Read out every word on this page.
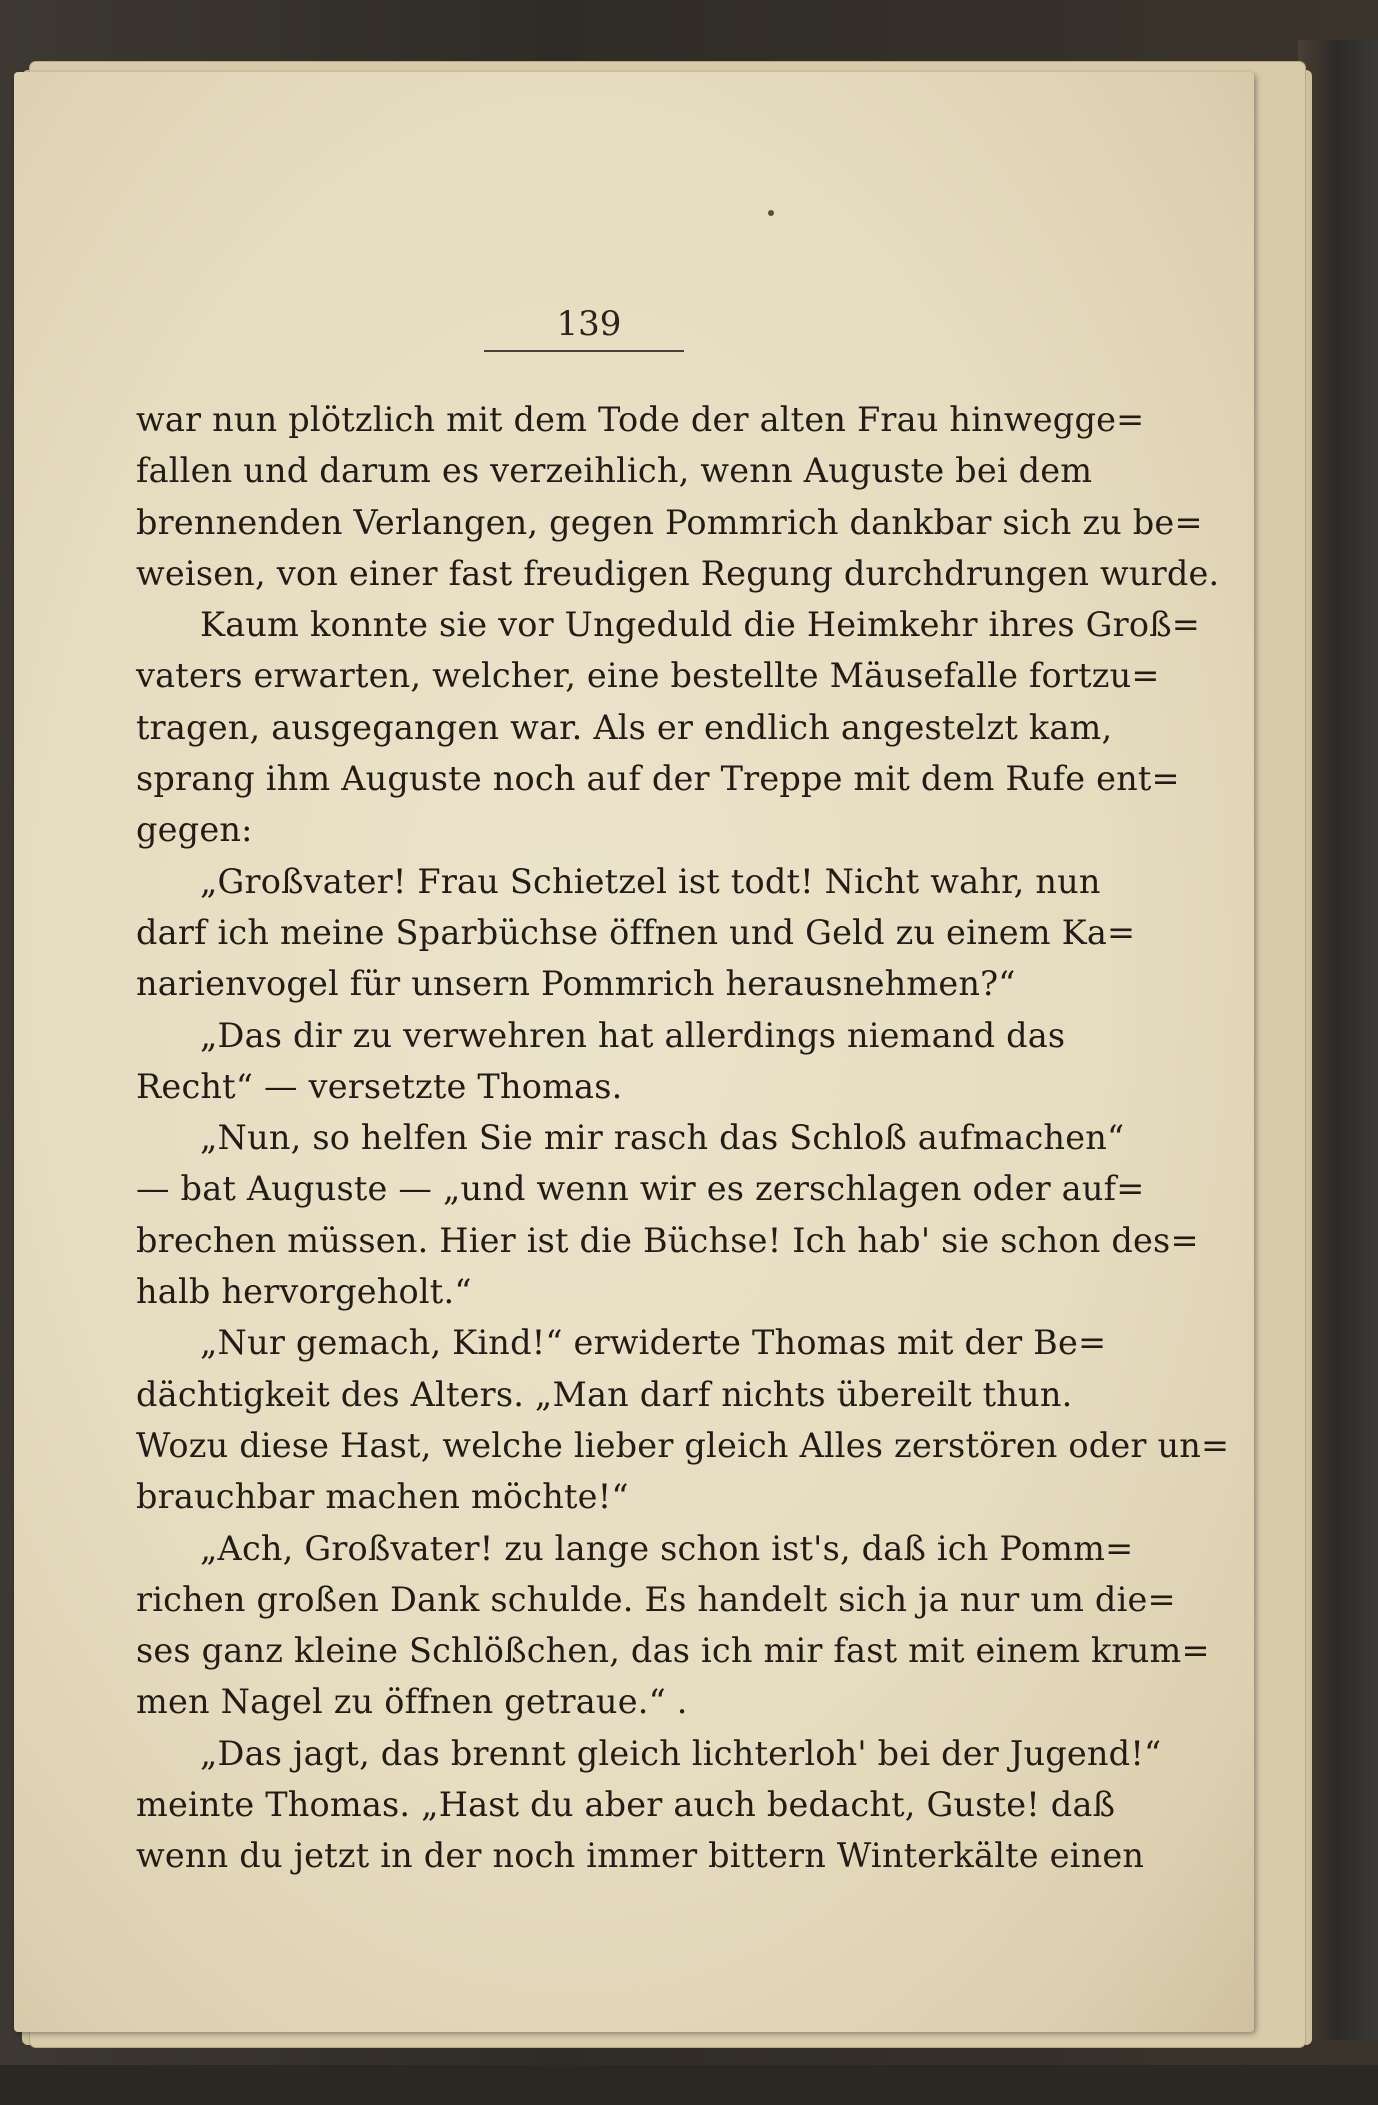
139
war nun plötzlich mit dem Tode der alten Frau hinwegge=
fallen und darum es verzeihlich, wenn Auguste bei dem
brennenden Verlangen, gegen Pommrich dankbar sich zu be=
weisen, von einer fast freudigen Regung durchdrungen wurde.
Kaum konnte sie vor Ungeduld die Heimkehr ihres Groß=
vaters erwarten, welcher, eine bestellte Mäusefalle fortzu=
tragen, ausgegangen war. Als er endlich angestelzt kam,
sprang ihm Auguste noch auf der Treppe mit dem Rufe ent=
gegen:
„Großvater! Frau Schietzel ist todt! Nicht wahr, nun
darf ich meine Sparbüchse öffnen und Geld zu einem Ka=
narienvogel für unsern Pommrich herausnehmen?“
„Das dir zu verwehren hat allerdings niemand das
Recht“ — versetzte Thomas.
„Nun, so helfen Sie mir rasch das Schloß aufmachen“
— bat Auguste — „und wenn wir es zerschlagen oder auf=
brechen müssen. Hier ist die Büchse! Ich hab' sie schon des=
halb hervorgeholt.“
„Nur gemach, Kind!“ erwiderte Thomas mit der Be=
dächtigkeit des Alters. „Man darf nichts übereilt thun.
Wozu diese Hast, welche lieber gleich Alles zerstören oder un=
brauchbar machen möchte!“
„Ach, Großvater! zu lange schon ist's, daß ich Pomm=
richen großen Dank schulde. Es handelt sich ja nur um die=
ses ganz kleine Schlößchen, das ich mir fast mit einem krum=
men Nagel zu öffnen getraue.“ .
„Das jagt, das brennt gleich lichterloh' bei der Jugend!“
meinte Thomas. „Hast du aber auch bedacht, Guste! daß
wenn du jetzt in der noch immer bittern Winterkälte einen
